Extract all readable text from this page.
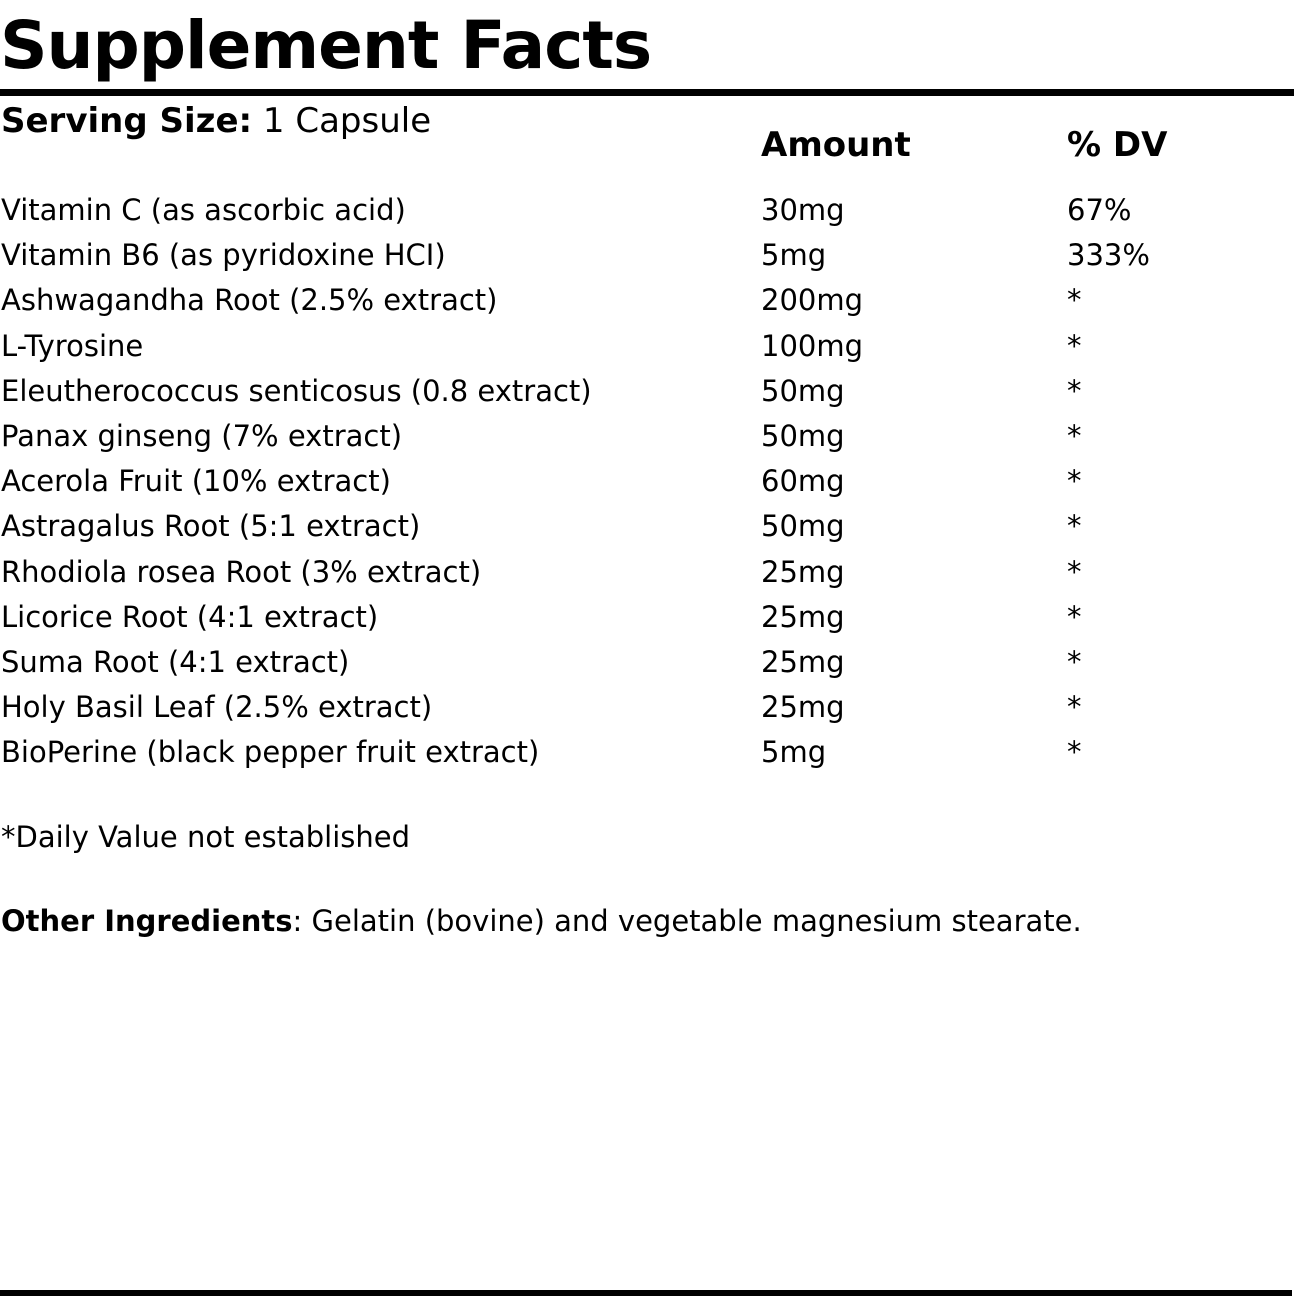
Supplement Facts
Serving Size: 1 Capsule
Amount	% DV
Vitamin C (as ascorbic acid)	30mg	67%
Vitamin B6 (as pyridoxine HCI)	5mg	333%
Ashwagandha Root (2.5% extract)	200mg	*
L-Tyrosine	100mg	*
Eleutherococcus senticosus (0.8 extract)	50mg	*
Panax ginseng (7% extract)	50mg	*
Acerola Fruit (10% extract)	60mg	*
Astragalus Root (5:1 extract)	50mg	*
Rhodiola rosea Root (3% extract)	25mg	*
Licorice Root (4:1 extract)	25mg	*
Suma Root (4:1 extract)	25mg	*
Holy Basil Leaf (2.5% extract)	25mg	*
BioPerine (black pepper fruit extract)	5mg	*
*Daily Value not established
Other Ingredients: Gelatin (bovine) and vegetable magnesium stearate.
